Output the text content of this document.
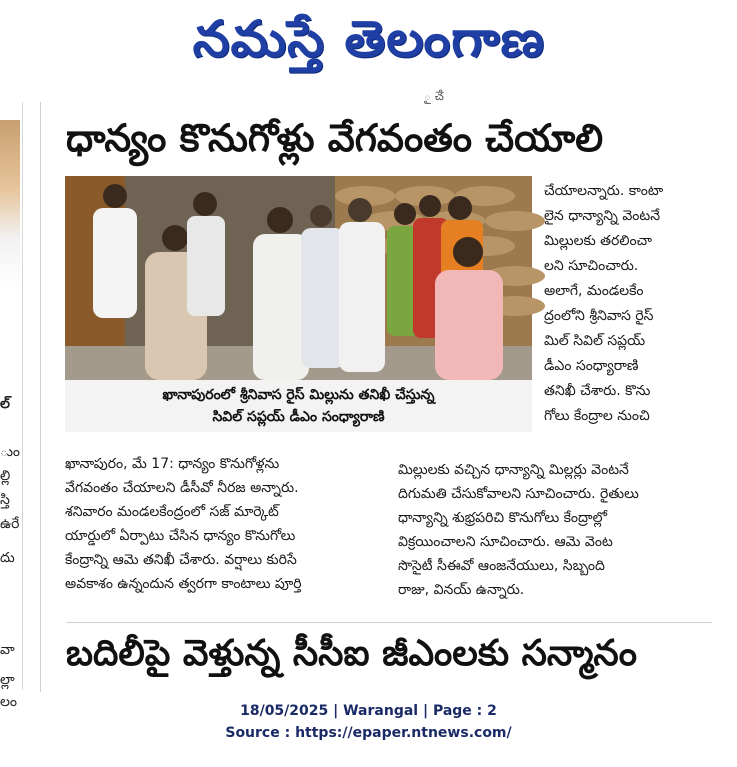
నమస్తే తెలంగాణ
ౖ ౘ
ల్
ుం
ల్లి
స్తి
ఉరే
దు
వా
ల్లా
లం
ధాన్యం కొనుగోళ్లు వేగవంతం చేయాలి
ఖానాపురంలో శ్రీనివాస రైస్ మిల్లును తనిఖీ చేస్తున్న
సివిల్ సప్లయ్ డీఎం సంధ్యారాణి
చేయాలన్నారు. కాంటా
లైన ధాన్యాన్ని వెంటనే
మిల్లులకు తరలించా
లని సూచించారు.
అలాగే, మండలకేం
ద్రంలోని శ్రీనివాస రైస్
మిల్ సివిల్ సప్లయ్
డీఎం సంధ్యారాణి
తనిఖీ చేశారు. కొను
గోలు కేంద్రాల నుంచి
ఖానాపురం, మే 17: ధాన్యం కొనుగోళ్లను
వేగవంతం చేయాలని డీసీవో నీరజ అన్నారు.
శనివారం మండలకేంద్రంలో సజ్ మార్కెట్
యార్డులో ఏర్పాటు చేసిన ధాన్యం కొనుగోలు
కేంద్రాన్ని ఆమె తనిఖీ చేశారు. వర్షాలు కురిసే
అవకాశం ఉన్నందున త్వరగా కాంటాలు పూర్తి
మిల్లులకు వచ్చిన ధాన్యాన్ని మిల్లర్లు వెంటనే
దిగుమతి చేసుకోవాలని సూచించారు. రైతులు
ధాన్యాన్ని శుభ్రపరిచి కొనుగోలు కేంద్రాల్లో
విక్రయించాలని సూచించారు. ఆమె వెంట
సొసైటీ సీఈవో ఆంజనేయులు, సిబ్బంది
రాజు, వినయ్ ఉన్నారు.
బదిలీపై వెళ్తున్న సీసీఐ జీఎంలకు సన్మానం
18/05/2025 | Warangal | Page : 2
Source : https://epaper.ntnews.com/
